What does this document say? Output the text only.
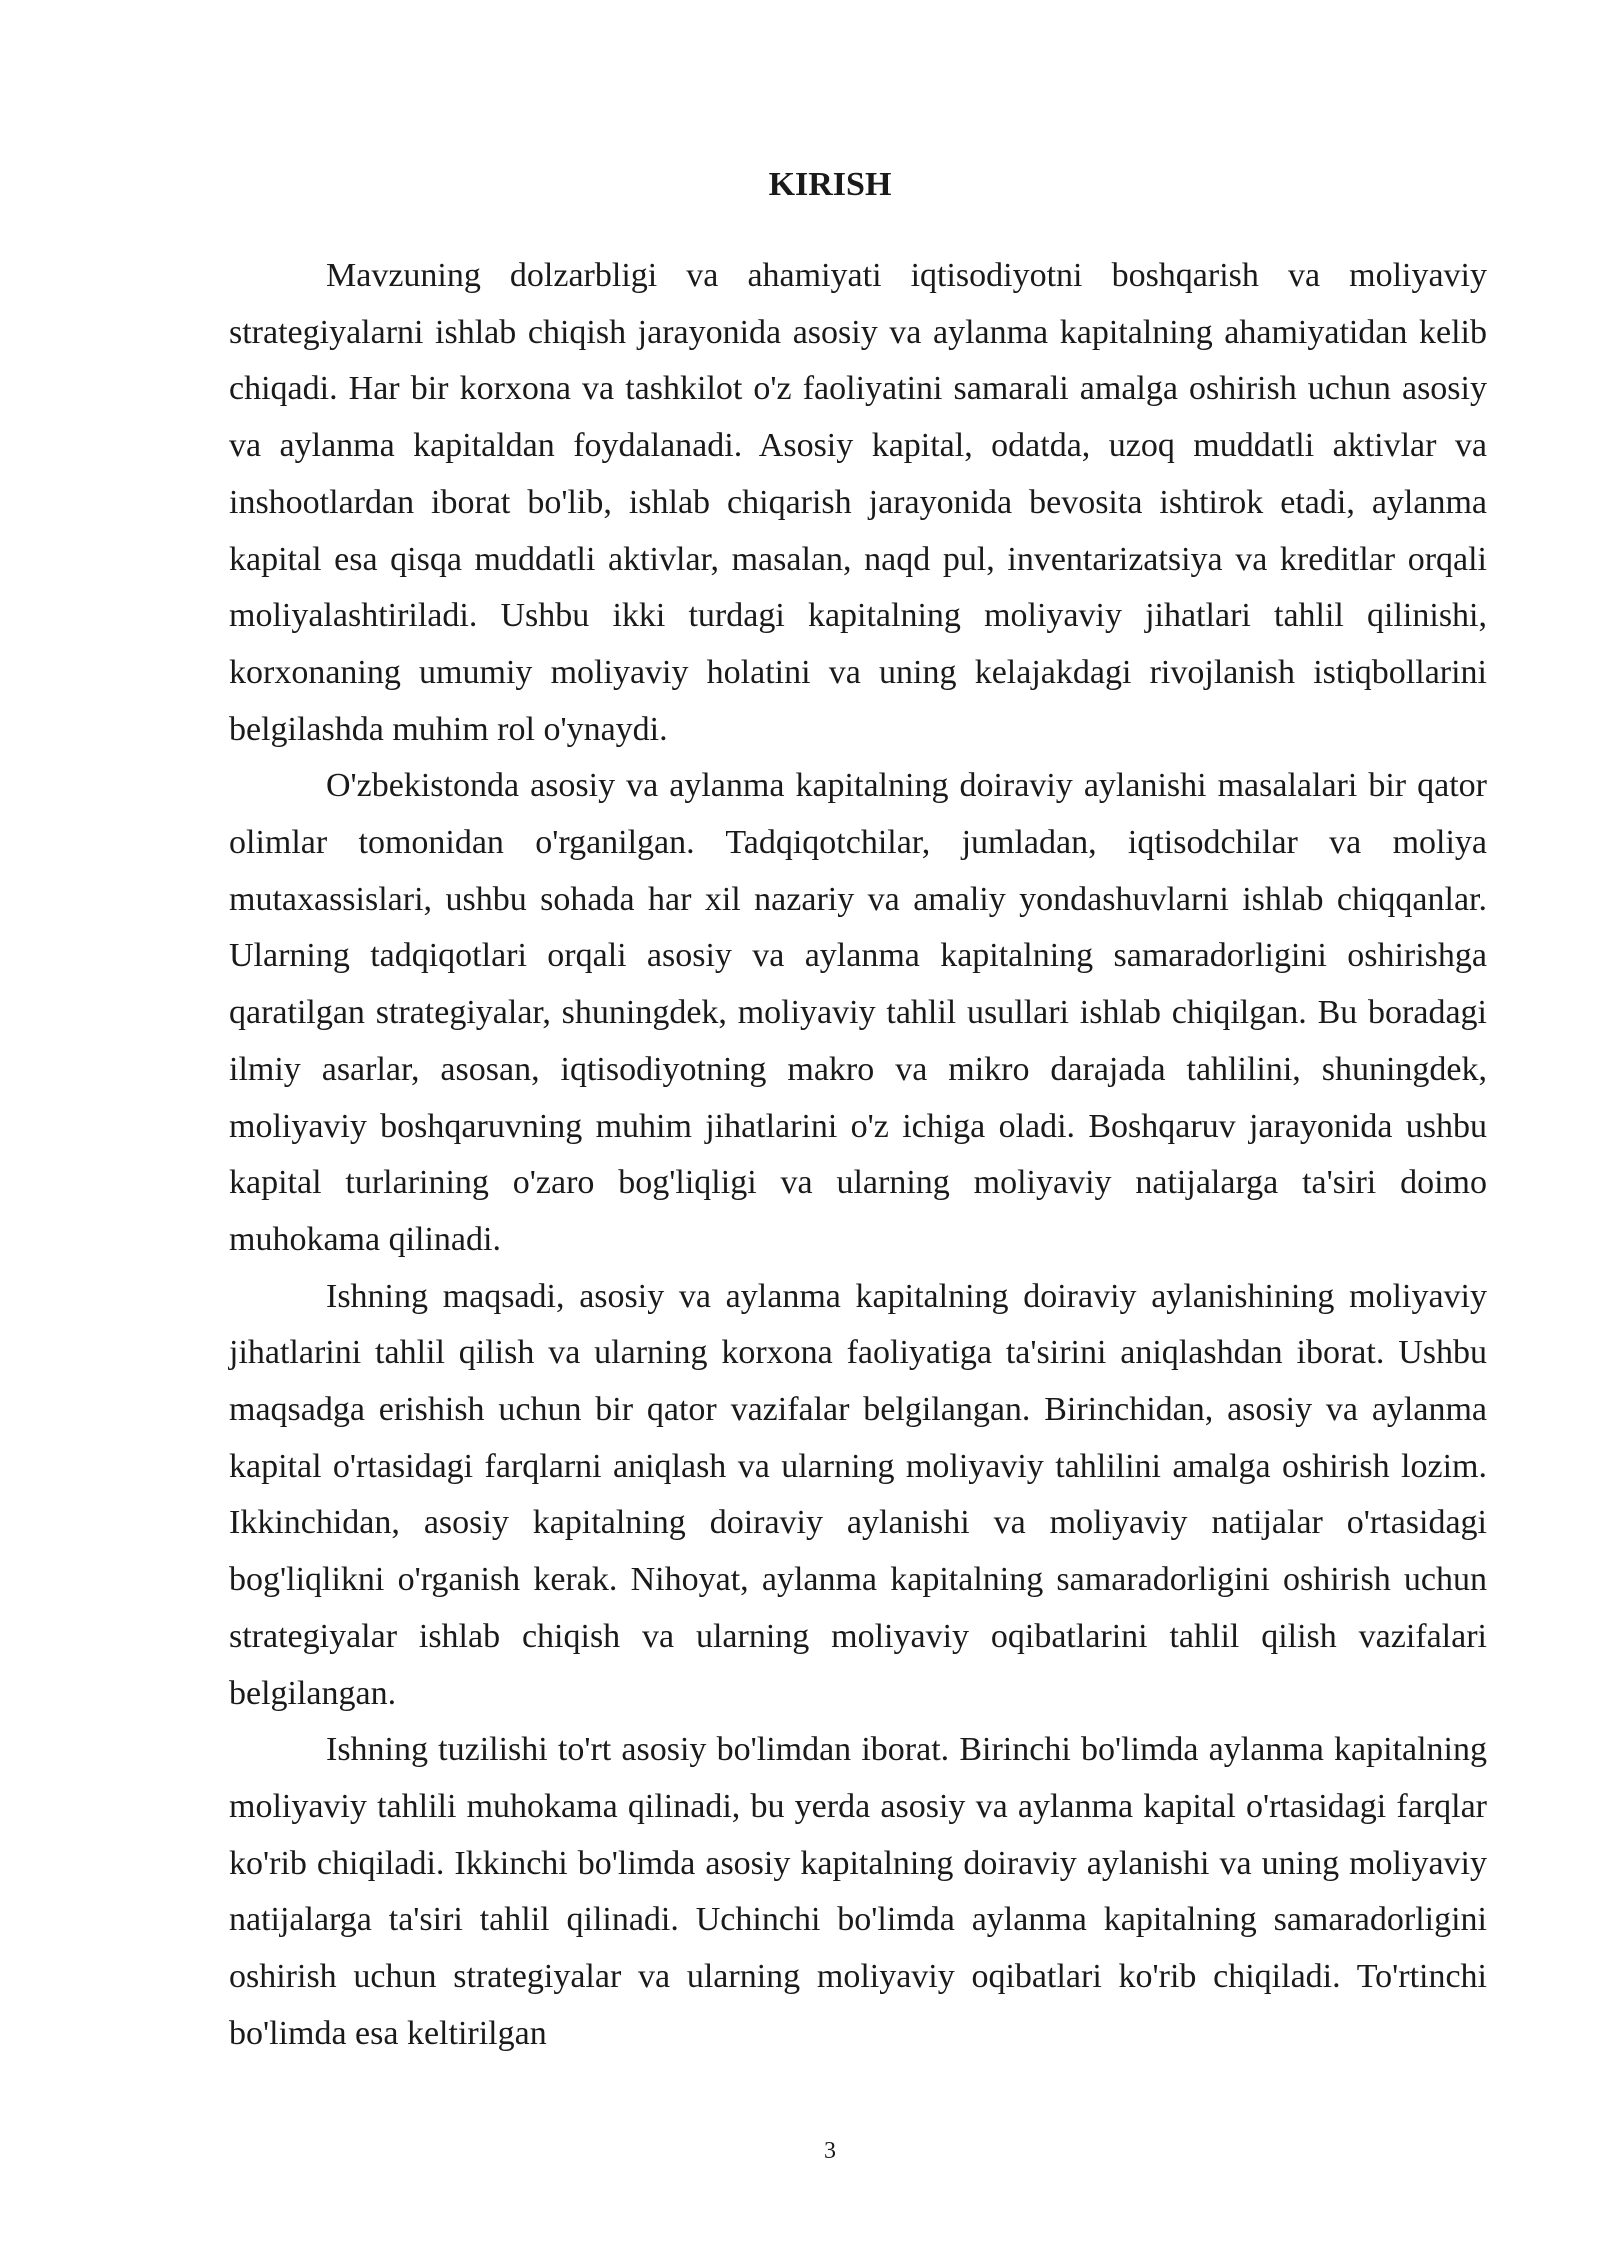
KIRISH

Mavzuning dolzarbligi va ahamiyati iqtisodiyotni boshqarish va moliyaviy strategiyalarni ishlab chiqish jarayonida asosiy va aylanma kapitalning ahamiyatidan kelib chiqadi. Har bir korxona va tashkilot o'z faoliyatini samarali amalga oshirish uchun asosiy va aylanma kapitaldan foydalanadi. Asosiy kapital, odatda, uzoq muddatli aktivlar va inshootlardan iborat bo'lib, ishlab chiqarish jarayonida bevosita ishtirok etadi, aylanma kapital esa qisqa muddatli aktivlar, masalan, naqd pul, inventarizatsiya va kreditlar orqali moliyalashtiriladi. Ushbu ikki turdagi kapitalning moliyaviy jihatlari tahlil qilinishi, korxonaning umumiy moliyaviy holatini va uning kelajakdagi rivojlanish istiqbollarini belgilashda muhim rol o'ynaydi.

O'zbekistonda asosiy va aylanma kapitalning doiraviy aylanishi masalalari bir qator olimlar tomonidan o'rganilgan. Tadqiqotchilar, jumladan, iqtisodchilar va moliya mutaxassislari, ushbu sohada har xil nazariy va amaliy yondashuvlarni ishlab chiqqanlar. Ularning tadqiqotlari orqali asosiy va aylanma kapitalning samaradorligini oshirishga qaratilgan strategiyalar, shuningdek, moliyaviy tahlil usullari ishlab chiqilgan. Bu boradagi ilmiy asarlar, asosan, iqtisodiyotning makro va mikro darajada tahlilini, shuningdek, moliyaviy boshqaruvning muhim jihatlarini o'z ichiga oladi. Boshqaruv jarayonida ushbu kapital turlarining o'zaro bog'liqligi va ularning moliyaviy natijalarga ta'siri doimo muhokama qilinadi.

Ishning maqsadi, asosiy va aylanma kapitalning doiraviy aylanishining moliyaviy jihatlarini tahlil qilish va ularning korxona faoliyatiga ta'sirini aniqlashdan iborat. Ushbu maqsadga erishish uchun bir qator vazifalar belgilangan. Birinchidan, asosiy va aylanma kapital o'rtasidagi farqlarni aniqlash va ularning moliyaviy tahlilini amalga oshirish lozim. Ikkinchidan, asosiy kapitalning doiraviy aylanishi va moliyaviy natijalar o'rtasidagi bog'liqlikni o'rganish kerak. Nihoyat, aylanma kapitalning samaradorligini oshirish uchun strategiyalar ishlab chiqish va ularning moliyaviy oqibatlarini tahlil qilish vazifalari belgilangan.

Ishning tuzilishi to'rt asosiy bo'limdan iborat. Birinchi bo'limda aylanma kapitalning moliyaviy tahlili muhokama qilinadi, bu yerda asosiy va aylanma kapital o'rtasidagi farqlar ko'rib chiqiladi. Ikkinchi bo'limda asosiy kapitalning doiraviy aylanishi va uning moliyaviy natijalarga ta'siri tahlil qilinadi. Uchinchi bo'limda aylanma kapitalning samaradorligini oshirish uchun strategiyalar va ularning moliyaviy oqibatlari ko'rib chiqiladi. To'rtinchi bo'limda esa keltirilgan

3
